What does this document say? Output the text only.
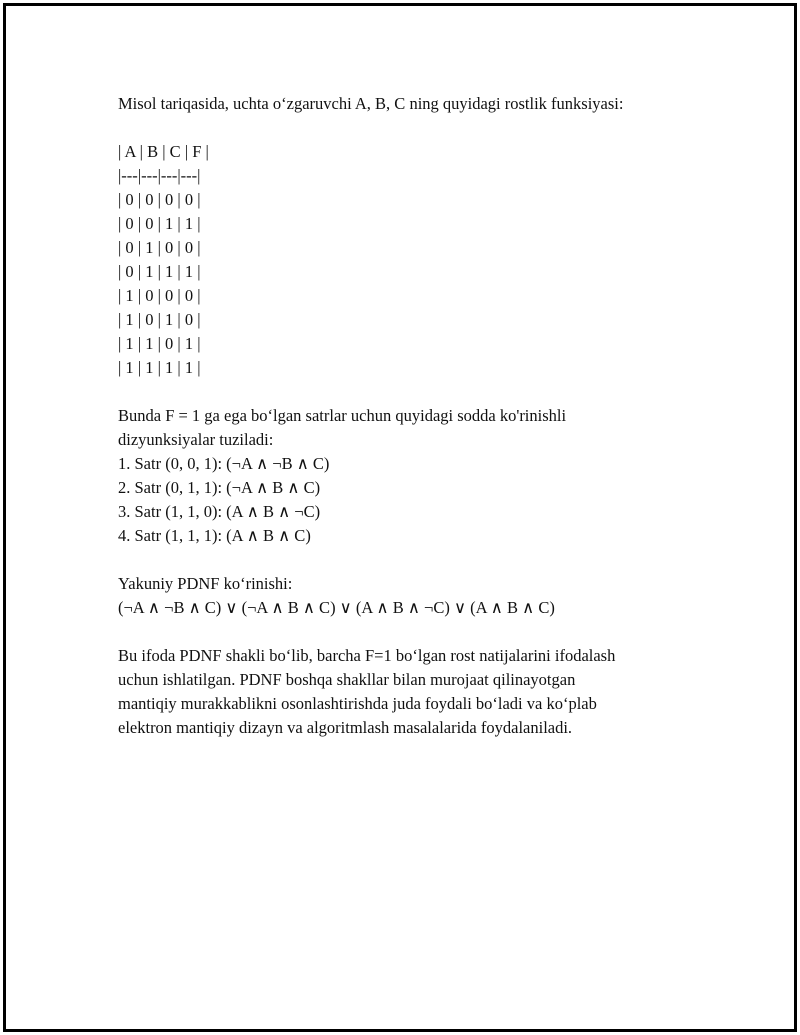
Misol tariqasida, uchta o‘zgaruvchi A, B, C ning quyidagi rostlik funksiyasi:
| A | B | C | F |
|---|---|---|---|
| 0 | 0 | 0 | 0 |
| 0 | 0 | 1 | 1 |
| 0 | 1 | 0 | 0 |
| 0 | 1 | 1 | 1 |
| 1 | 0 | 0 | 0 |
| 1 | 0 | 1 | 0 |
| 1 | 1 | 0 | 1 |
| 1 | 1 | 1 | 1 |
Bunda F = 1 ga ega bo‘lgan satrlar uchun quyidagi sodda ko'rinishli
dizyunksiyalar tuziladi:
1. Satr (0, 0, 1): (¬A ∧ ¬B ∧ C)
2. Satr (0, 1, 1): (¬A ∧ B ∧ C)
3. Satr (1, 1, 0): (A ∧ B ∧ ¬C)
4. Satr (1, 1, 1): (A ∧ B ∧ C)
Yakuniy PDNF ko‘rinishi:
(¬A ∧ ¬B ∧ C) ∨ (¬A ∧ B ∧ C) ∨ (A ∧ B ∧ ¬C) ∨ (A ∧ B ∧ C)
Bu ifoda PDNF shakli bo‘lib, barcha F=1 bo‘lgan rost natijalarini ifodalash
uchun ishlatilgan. PDNF boshqa shakllar bilan murojaat qilinayotgan
mantiqiy murakkablikni osonlashtirishda juda foydali bo‘ladi va ko‘plab
elektron mantiqiy dizayn va algoritmlash masalalarida foydalaniladi.
